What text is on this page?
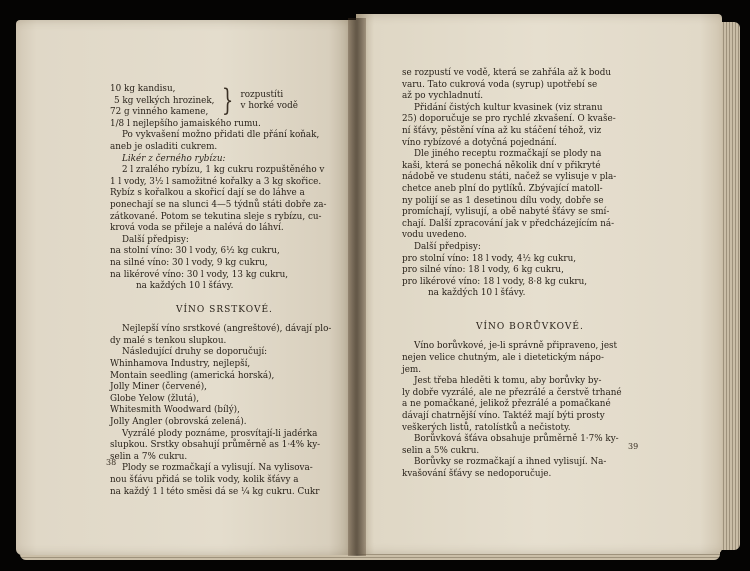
10 kg kandisu,
5 kg velkých hrozinek,
72 g vinného kamene, } rozpustíti
v horké vodě
1/8 l nejlepšího jamaiského rumu.
Po vykvašení možno přidati dle přání koňak,
aneb je osladiti cukrem.
Likér z černého rybízu:
2 l zralého rybízu, 1 kg cukru rozpuštěného v
1 l vody, 3½ l samožitné kořalky a 3 kg skořice.
Rybíz s kořalkou a skořicí dají se do láhve a
ponechají se na slunci 4—5 týdnů státi dobře za-
zátkované. Potom se tekutina sleje s rybízu, cu-
krová voda se přileje a nalévá do láhví.
Další předpisy:
na stolní víno: 30 l vody, 6½ kg cukru,
na silné víno: 30 l vody, 9 kg cukru,
na likérové víno: 30 l vody, 13 kg cukru,
na každých 10 l šťávy.
VÍNO SRSTKOVÉ.
Nejlepší víno srstkové (angreštové), dávají plo-
dy malé s tenkou slupkou.
Následující druhy se doporučují:
Whinhamova Industry, nejlepší,
Montain seedling (americká horská),
Jolly Miner (červené),
Globe Yelow (žlutá),
Whitesmith Woodward (bílý),
Jolly Angler (obrovská zelená).
Vyzrálé plody poznáme, prosvítají-li jadérka
slupkou. Srstky obsahují průměrně as 1·4% ky-
selin a 7% cukru.
Plody se rozmačkají a vylisují. Na vylisova-
nou šťávu přidá se tolik vody, kolik šťávy a
na každý 1 l této směsi dá se ¼ kg cukru. Cukr
38
se rozpustí ve vodě, která se zahřála až k bodu
varu. Tato cukrová voda (syrup) upotřebí se
až po vychladnutí.
Přidání čistých kultur kvasinek (viz stranu
25) doporučuje se pro rychlé zkvašení. O kvaše-
ní šťávy, pěstění vína až ku stáčení téhož, viz
víno rybízové a dotyčná pojednání.
Dle jiného receptu rozmačkají se plody na
kaši, která se ponechá několik dní v přikryté
nádobě ve studenu státi, načež se vylisuje v pla-
chetce aneb plní do pytlíků. Zbývající matoll-
ny polijí se as 1 desetinou dílu vody, dobře se
promíchají, vylisují, a obě nabyté šťávy se smí-
chají. Další zpracování jak v předcházejícím ná-
vodu uvedeno.
Další předpisy:
pro stolní víno: 18 l vody, 4½ kg cukru,
pro silné víno: 18 l vody, 6 kg cukru,
pro likérové víno: 18 l vody, 8·8 kg cukru,
na každých 10 l šťávy.
VÍNO BORŮVKOVÉ.
Víno borůvkové, je-li správně připraveno, jest
nejen velice chutným, ale i dietetickým nápo-
jem.
Jest třeba hleděti k tomu, aby borůvky by-
ly dobře vyzrálé, ale ne přezrálé a čerstvě trhané
a ne pomačkané, jelikož přezrálé a pomačkané
dávají chatrnější víno. Taktéž mají býti prosty
veškerých listů, ratolístků a nečistoty.
Borůvková šťáva obsahuje průměrně 1·7% ky-
selin a 5% cukru.
Borůvky se rozmačkají a ihned vylisují. Na-
kvašování šťávy se nedoporučuje.
39
